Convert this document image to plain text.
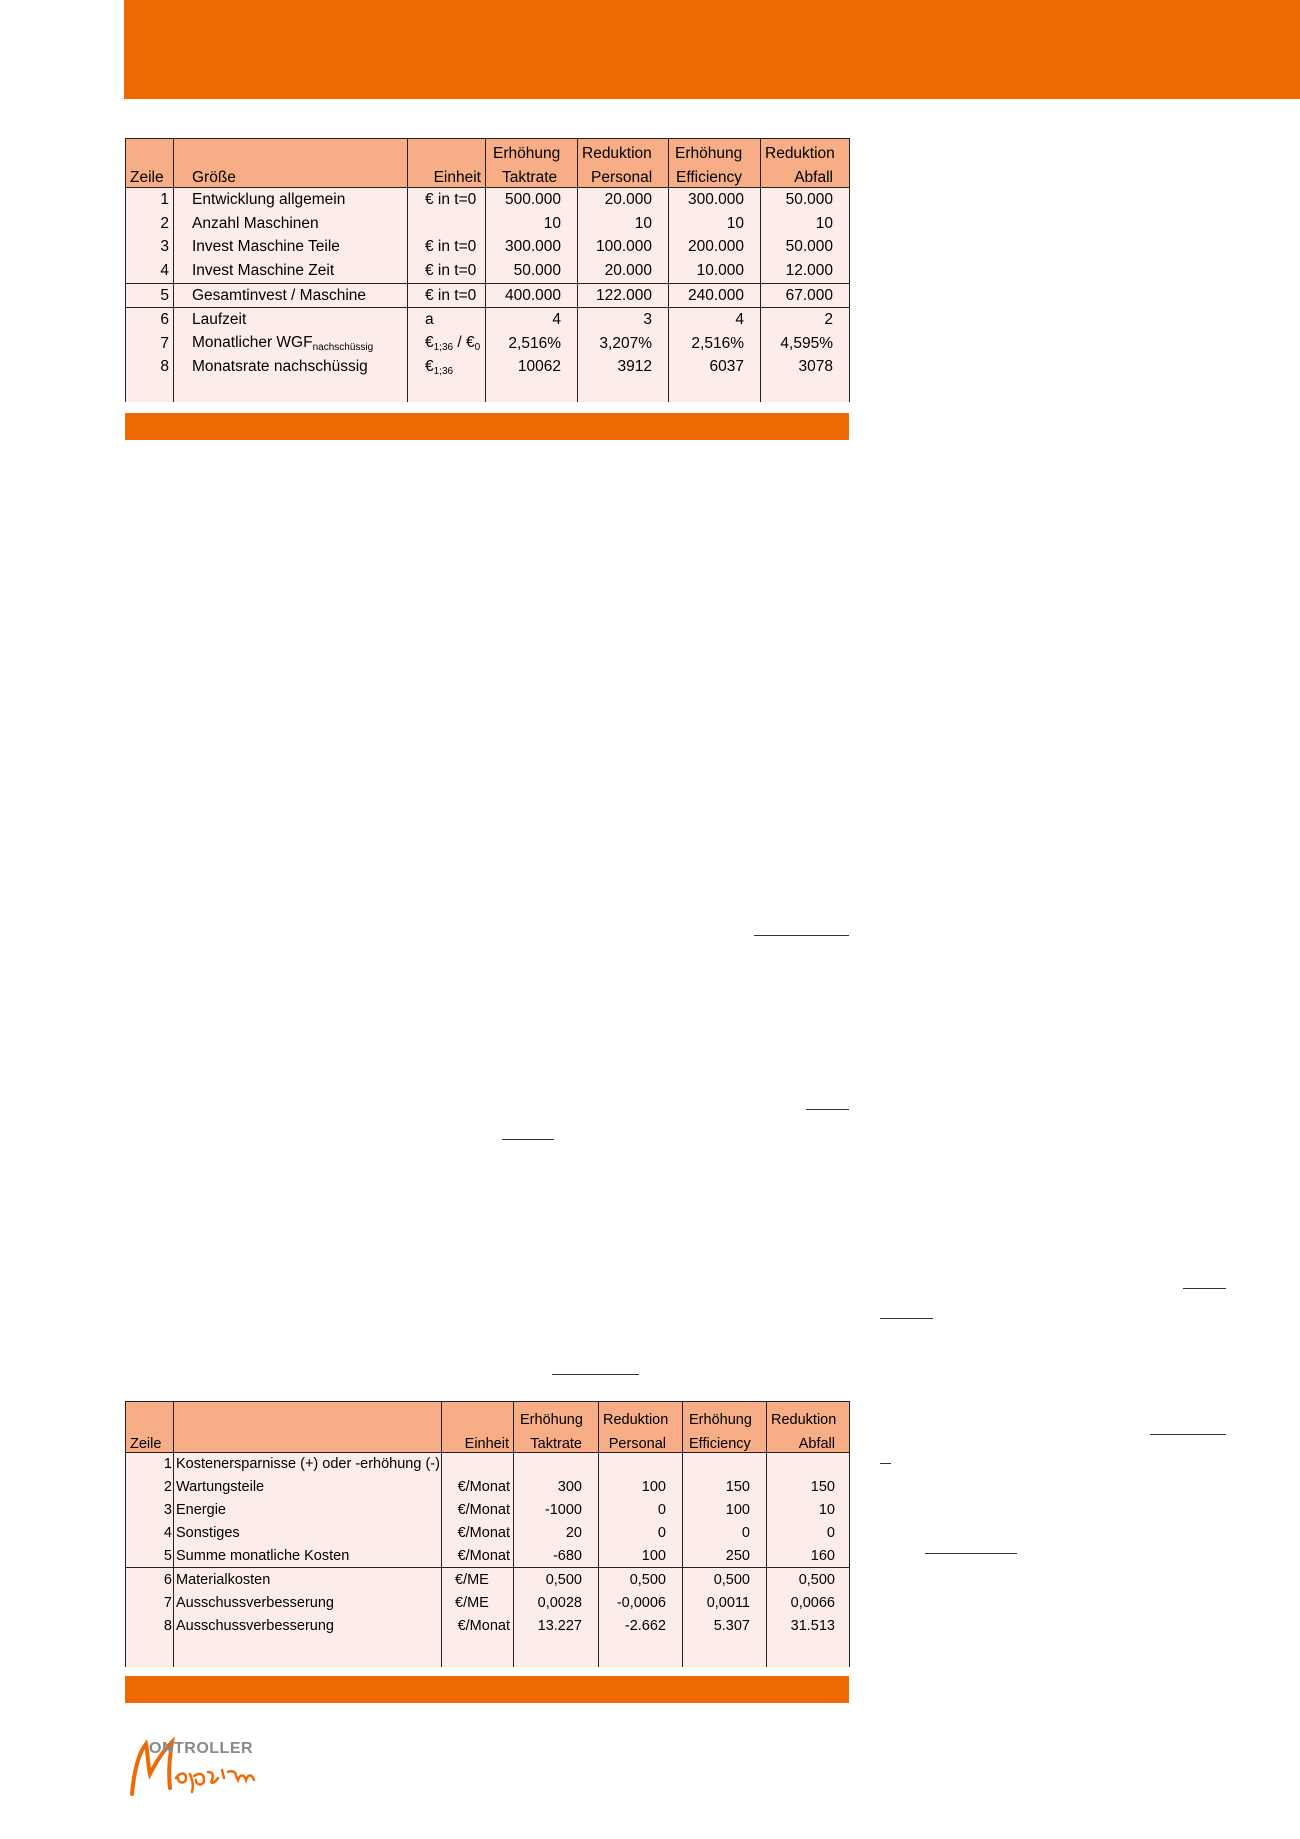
			Erhöhung	Reduktion	Erhöhung	Reduktion
Zeile	Größe	Einheit	Taktrate	Personal	Efficiency	Abfall
1	Entwicklung allgemein	€ in t=0	500.000	20.000	300.000	50.000
2	Anzahl Maschinen		10	10	10	10
3	Invest Maschine Teile	€ in t=0	300.000	100.000	200.000	50.000
4	Invest Maschine Zeit	€ in t=0	50.000	20.000	10.000	12.000
5	Gesamtinvest / Maschine	€ in t=0	400.000	122.000	240.000	67.000
6	Laufzeit	a	4	3	4	2
7	Monatlicher $WGF_{nachschüssig}$	$€_{1;36}$ / $€_0$	2,516%	3,207%	2,516%	4,595%
8	Monatsrate nachschüssig	$€_{1;36}$	10062	3912	6037	3078

			Erhöhung	Reduktion	Erhöhung	Reduktion
Zeile		Einheit	Taktrate	Personal	Efficiency	Abfall
1	Kostenersparnisse (+) oder -erhöhung (-)					
2	Wartungsteile	€/Monat	300	100	150	150
3	Energie	€/Monat	-1000	0	100	10
4	Sonstiges	€/Monat	20	0	0	0
5	Summe monatliche Kosten	€/Monat	-680	100	250	160
6	Materialkosten	€/ME	0,500	0,500	0,500	0,500
7	Ausschussverbesserung	€/ME	0,0028	-0,0006	0,0011	0,0066
8	Ausschussverbesserung	€/Monat	13.227	-2.662	5.307	31.513

ONTROLLER
